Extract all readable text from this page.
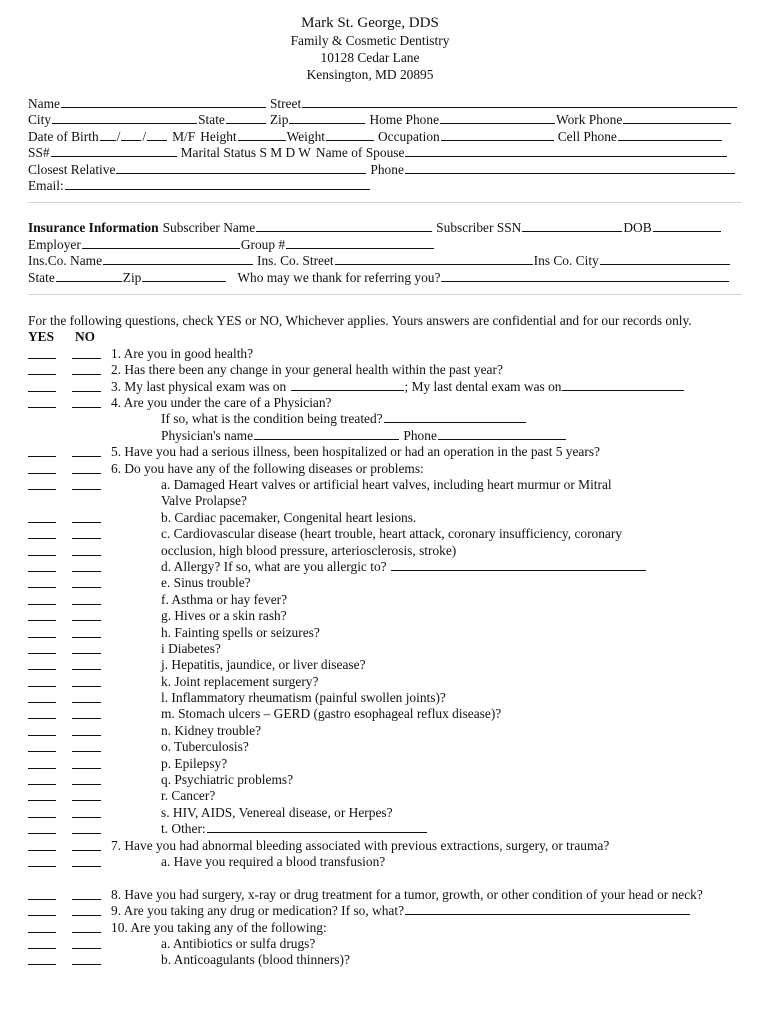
Mark St. George, DDS
Family & Cosmetic Dentistry
10128 Cedar Lane
Kensington, MD 20895
Name	Street
City	State	Zip	Home Phone	Work Phone
Date of Birth / / M/F Height	Weight	Occupation	Cell Phone
SS#	Marital Status S M D W Name of Spouse
Closest Relative	Phone
Email:
Insurance Information Subscriber Name	Subscriber SSN	DOB
Employer	Group #
Ins.Co. Name	Ins. Co. Street	Ins Co. City
State	Zip	Who may we thank for referring you?
For the following questions, check YES or NO, Whichever applies. Yours answers are confidential and for our records only.
YES NO
1. Are you in good health?
2. Has there been any change in your general health within the past year?
3. My last physical exam was on	; My last dental exam was on
4. Are you under the care of a Physician?
If so, what is the condition being treated?
Physician's name	Phone
5. Have you had a serious illness, been hospitalized or had an operation in the past 5 years?
6. Do you have any of the following diseases or problems:
a. Damaged Heart valves or artificial heart valves, including heart murmur or Mitral
Valve Prolapse?
b. Cardiac pacemaker, Congenital heart lesions.
c. Cardiovascular disease (heart trouble, heart attack, coronary insufficiency, coronary
occlusion, high blood pressure, arteriosclerosis, stroke)
d. Allergy? If so, what are you allergic to?
e. Sinus trouble?
f. Asthma or hay fever?
g. Hives or a skin rash?
h. Fainting spells or seizures?
i Diabetes?
j. Hepatitis, jaundice, or liver disease?
k. Joint replacement surgery?
l. Inflammatory rheumatism (painful swollen joints)?
m. Stomach ulcers – GERD (gastro esophageal reflux disease)?
n. Kidney trouble?
o. Tuberculosis?
p. Epilepsy?
q. Psychiatric problems?
r. Cancer?
s. HIV, AIDS, Venereal disease, or Herpes?
t. Other:
7. Have you had abnormal bleeding associated with previous extractions, surgery, or trauma?
a. Have you required a blood transfusion?
8. Have you had surgery, x-ray or drug treatment for a tumor, growth, or other condition of your head or neck?
9. Are you taking any drug or medication? If so, what?
10. Are you taking any of the following:
a. Antibiotics or sulfa drugs?
b. Anticoagulants (blood thinners)?
